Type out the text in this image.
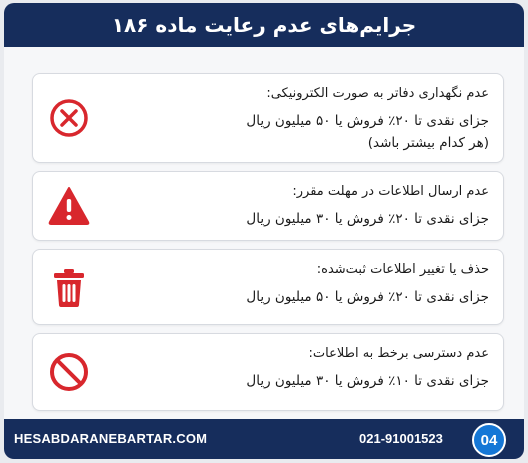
جرایم‌های عدم رعایت ماده ۱۸۶
عدم نگهداری دفاتر به صورت الکترونیکی:
جزای نقدی تا ۲۰٪ فروش یا ۵۰ میلیون ریال
(هر کدام بیشتر باشد)
عدم ارسال اطلاعات در مهلت مقرر:
جزای نقدی تا ۲۰٪ فروش یا ۳۰ میلیون ریال
حذف یا تغییر اطلاعات ثبت‌شده:
جزای نقدی تا ۲۰٪ فروش یا ۵۰ میلیون ریال
عدم دسترسی برخط به اطلاعات:
جزای نقدی تا ۱۰٪ فروش یا ۳۰ میلیون ریال
HESABDARANEBARTAR.COM	021-91001523	04
